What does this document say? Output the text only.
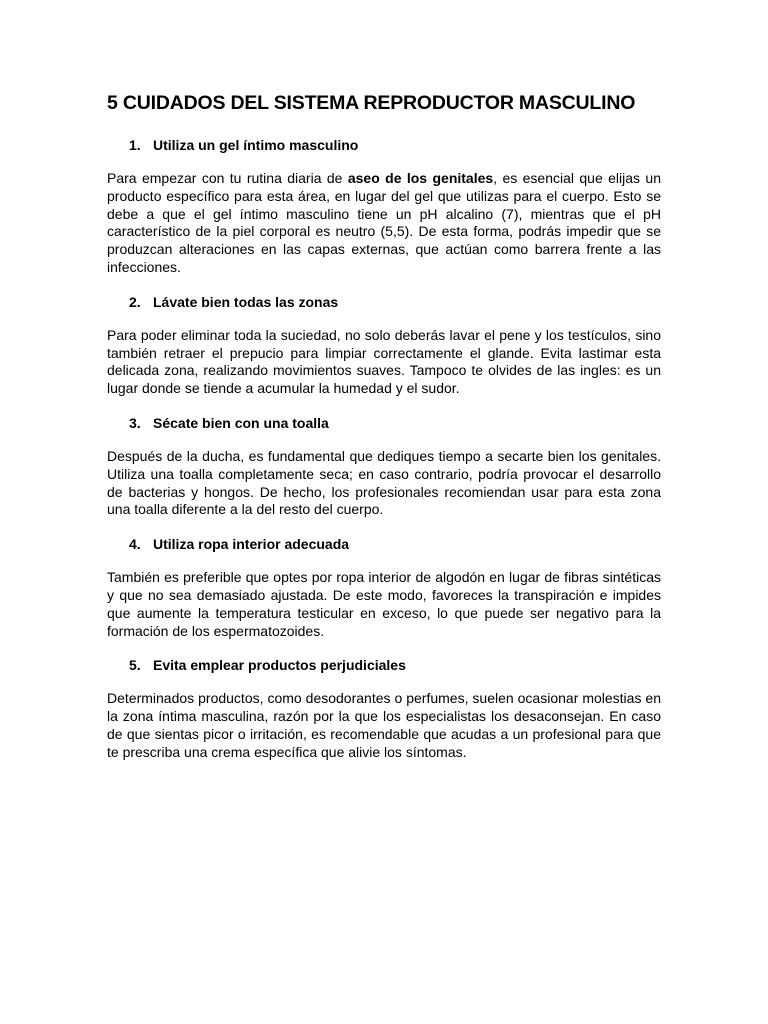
5 CUIDADOS DEL SISTEMA REPRODUCTOR MASCULINO
1. Utiliza un gel íntimo masculino

Para empezar con tu rutina diaria de aseo de los genitales, es esencial que elijas un producto específico para esta área, en lugar del gel que utilizas para el cuerpo. Esto se debe a que el gel íntimo masculino tiene un pH alcalino (7), mientras que el pH característico de la piel corporal es neutro (5,5). De esta forma, podrás impedir que se produzcan alteraciones en las capas externas, que actúan como barrera frente a las infecciones.

2. Lávate bien todas las zonas

Para poder eliminar toda la suciedad, no solo deberás lavar el pene y los testículos, sino también retraer el prepucio para limpiar correctamente el glande. Evita lastimar esta delicada zona, realizando movimientos suaves. Tampoco te olvides de las ingles: es un lugar donde se tiende a acumular la humedad y el sudor.

3. Sécate bien con una toalla

Después de la ducha, es fundamental que dediques tiempo a secarte bien los genitales. Utiliza una toalla completamente seca; en caso contrario, podría provocar el desarrollo de bacterias y hongos. De hecho, los profesionales recomiendan usar para esta zona una toalla diferente a la del resto del cuerpo.

4. Utiliza ropa interior adecuada

También es preferible que optes por ropa interior de algodón en lugar de fibras sintéticas y que no sea demasiado ajustada. De este modo, favoreces la transpiración e impides que aumente la temperatura testicular en exceso, lo que puede ser negativo para la formación de los espermatozoides.

5. Evita emplear productos perjudiciales

Determinados productos, como desodorantes o perfumes, suelen ocasionar molestias en la zona íntima masculina, razón por la que los especialistas los desaconsejan. En caso de que sientas picor o irritación, es recomendable que acudas a un profesional para que te prescriba una crema específica que alivie los síntomas.
